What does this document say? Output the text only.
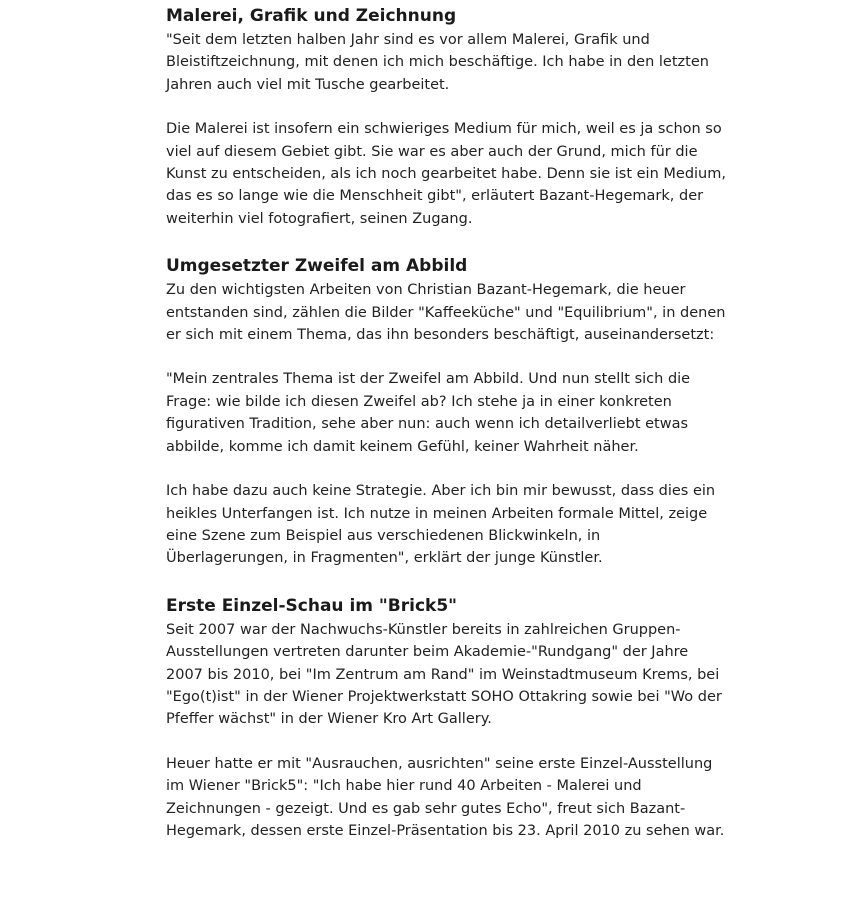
Malerei, Grafik und Zeichnung

"Seit dem letzten halben Jahr sind es vor allem Malerei, Grafik und Bleistiftzeichnung, mit denen ich mich beschäftige. Ich habe in den letzten Jahren auch viel mit Tusche gearbeitet.

Die Malerei ist insofern ein schwieriges Medium für mich, weil es ja schon so viel auf diesem Gebiet gibt. Sie war es aber auch der Grund, mich für die Kunst zu entscheiden, als ich noch gearbeitet habe. Denn sie ist ein Medium, das es so lange wie die Menschheit gibt", erläutert Bazant-Hegemark, der weiterhin viel fotografiert, seinen Zugang.

Umgesetzter Zweifel am Abbild

Zu den wichtigsten Arbeiten von Christian Bazant-Hegemark, die heuer entstanden sind, zählen die Bilder "Kaffeeküche" und "Equilibrium", in denen er sich mit einem Thema, das ihn besonders beschäftigt, auseinandersetzt:

"Mein zentrales Thema ist der Zweifel am Abbild. Und nun stellt sich die Frage: wie bilde ich diesen Zweifel ab? Ich stehe ja in einer konkreten figurativen Tradition, sehe aber nun: auch wenn ich detailverliebt etwas abbilde, komme ich damit keinem Gefühl, keiner Wahrheit näher.

Ich habe dazu auch keine Strategie. Aber ich bin mir bewusst, dass dies ein heikles Unterfangen ist. Ich nutze in meinen Arbeiten formale Mittel, zeige eine Szene zum Beispiel aus verschiedenen Blickwinkeln, in Überlagerungen, in Fragmenten", erklärt der junge Künstler.

Erste Einzel-Schau im "Brick5"

Seit 2007 war der Nachwuchs-Künstler bereits in zahlreichen Gruppen-Ausstellungen vertreten darunter beim Akademie-"Rundgang" der Jahre 2007 bis 2010, bei "Im Zentrum am Rand" im Weinstadtmuseum Krems, bei "Ego(t)ist" in der Wiener Projektwerkstatt SOHO Ottakring sowie bei "Wo der Pfeffer wächst" in der Wiener Kro Art Gallery.

Heuer hatte er mit "Ausrauchen, ausrichten" seine erste Einzel-Ausstellung im Wiener "Brick5": "Ich habe hier rund 40 Arbeiten - Malerei und Zeichnungen - gezeigt. Und es gab sehr gutes Echo", freut sich Bazant-Hegemark, dessen erste Einzel-Präsentation bis 23. April 2010 zu sehen war.
